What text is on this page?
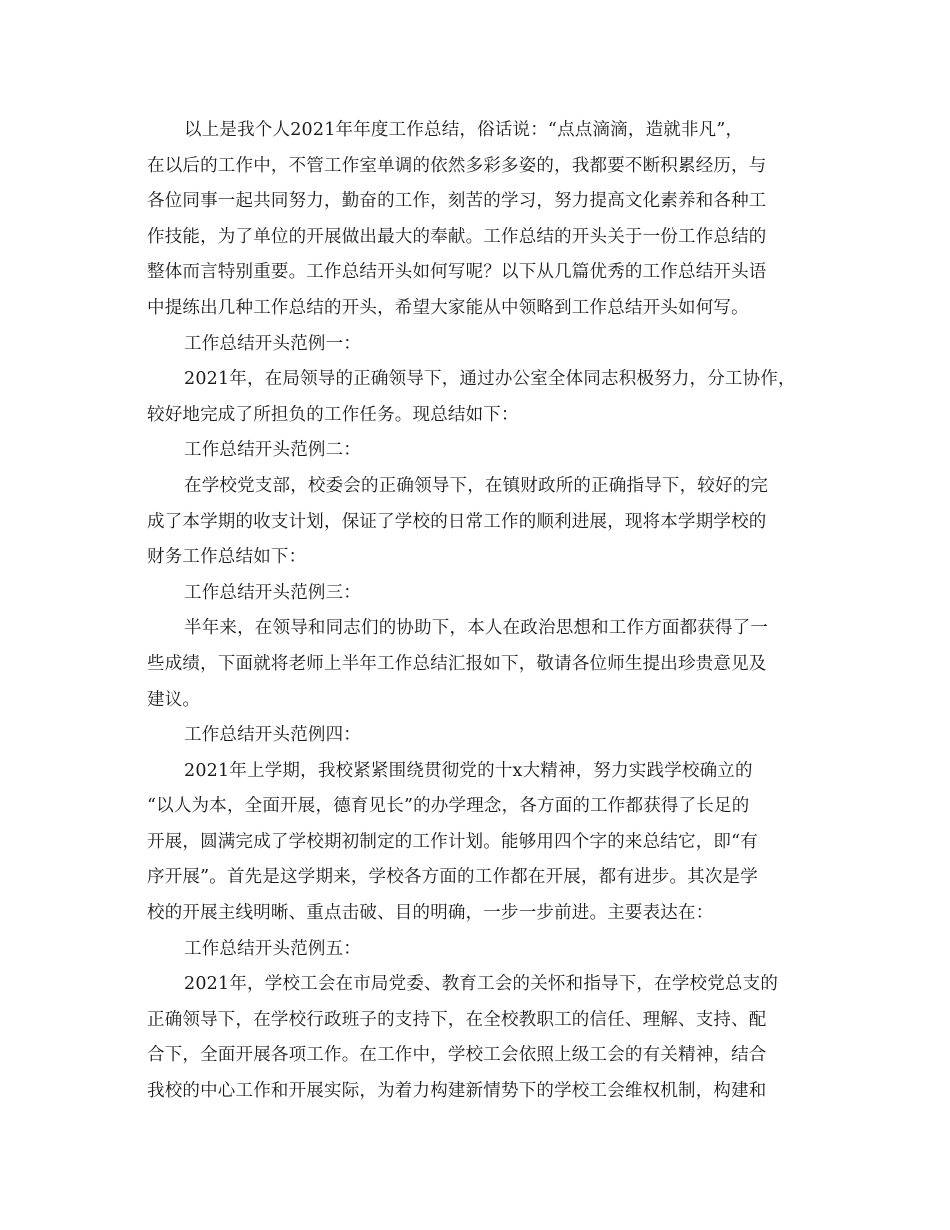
以上是我个人2021年年度工作总结，俗话说：“点点滴滴，造就非凡”，
在以后的工作中，不管工作室单调的依然多彩多姿的，我都要不断积累经历，与
各位同事一起共同努力，勤奋的工作，刻苦的学习，努力提高文化素养和各种工
作技能，为了单位的开展做出最大的奉献。工作总结的开头关于一份工作总结的
整体而言特别重要。工作总结开头如何写呢？以下从几篇优秀的工作总结开头语
中提练出几种工作总结的开头，希望大家能从中领略到工作总结开头如何写。
工作总结开头范例一：
2021年，在局领导的正确领导下，通过办公室全体同志积极努力，分工协作，
较好地完成了所担负的工作任务。现总结如下：
工作总结开头范例二：
在学校党支部，校委会的正确领导下，在镇财政所的正确指导下，较好的完
成了本学期的收支计划，保证了学校的日常工作的顺利进展，现将本学期学校的
财务工作总结如下：
工作总结开头范例三：
半年来，在领导和同志们的协助下，本人在政治思想和工作方面都获得了一
些成绩，下面就将老师上半年工作总结汇报如下，敬请各位师生提出珍贵意见及
建议。
工作总结开头范例四：
2021年上学期，我校紧紧围绕贯彻党的十x大精神，努力实践学校确立的
“以人为本，全面开展，德育见长”的办学理念，各方面的工作都获得了长足的
开展，圆满完成了学校期初制定的工作计划。能够用四个字的来总结它，即“有
序开展”。首先是这学期来，学校各方面的工作都在开展，都有进步。其次是学
校的开展主线明晰、重点击破、目的明确，一步一步前进。主要表达在：
工作总结开头范例五：
2021年，学校工会在市局党委、教育工会的关怀和指导下，在学校党总支的
正确领导下，在学校行政班子的支持下，在全校教职工的信任、理解、支持、配
合下，全面开展各项工作。在工作中，学校工会依照上级工会的有关精神，结合
我校的中心工作和开展实际，为着力构建新情势下的学校工会维权机制，构建和
